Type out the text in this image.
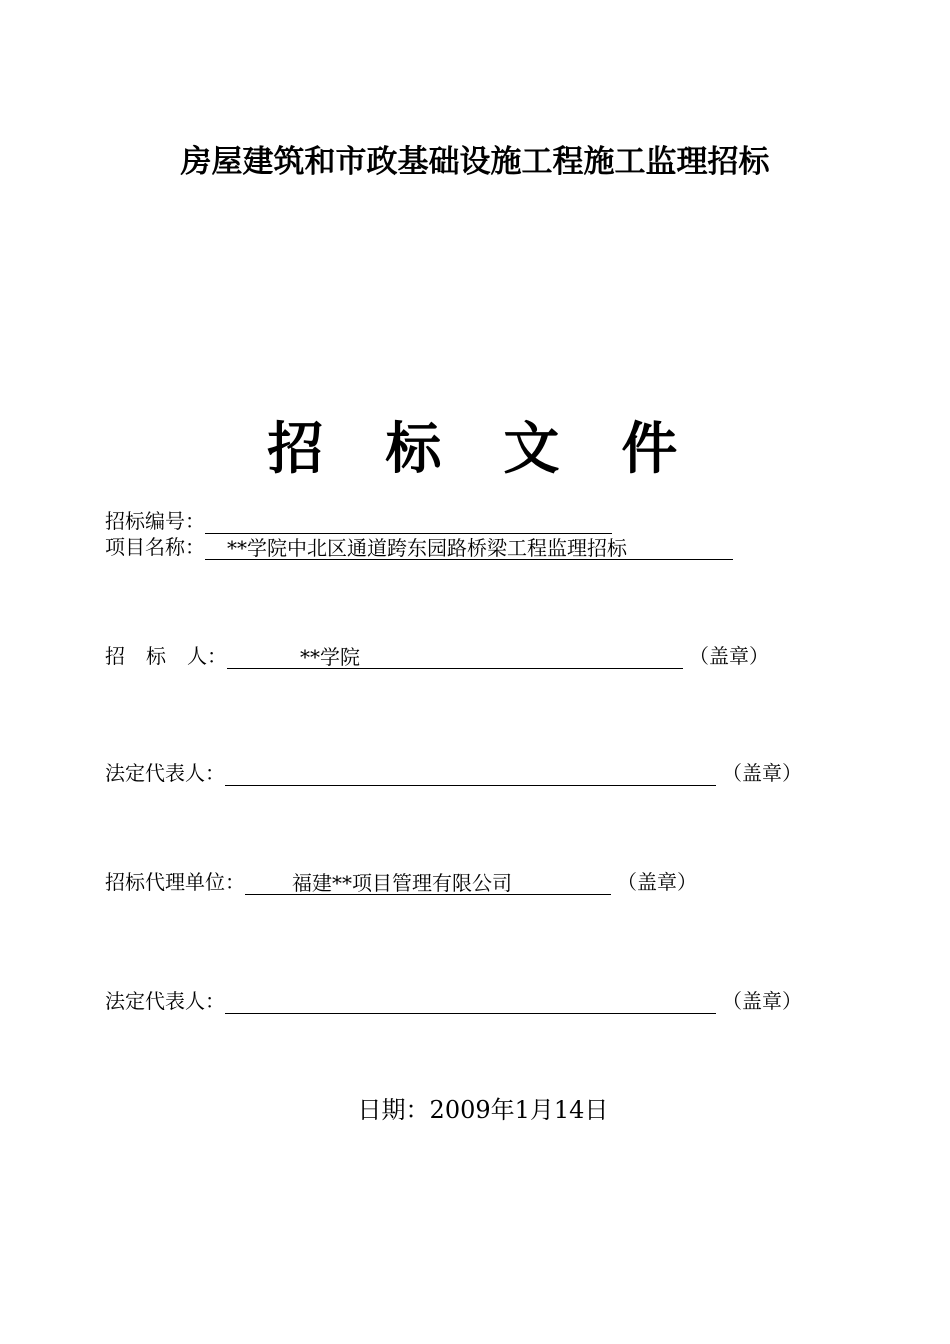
房屋建筑和市政基础设施工程施工监理招标
招 标 文 件
招标编号：
项目名称：	**学院中北区通道跨东园路桥梁工程监理招标
招标人：	**学院	（盖章）
法定代表人：	（盖章）
招标代理单位：	福建**项目管理有限公司	（盖章）
法定代表人：	（盖章）
日期：2009年1月14日
